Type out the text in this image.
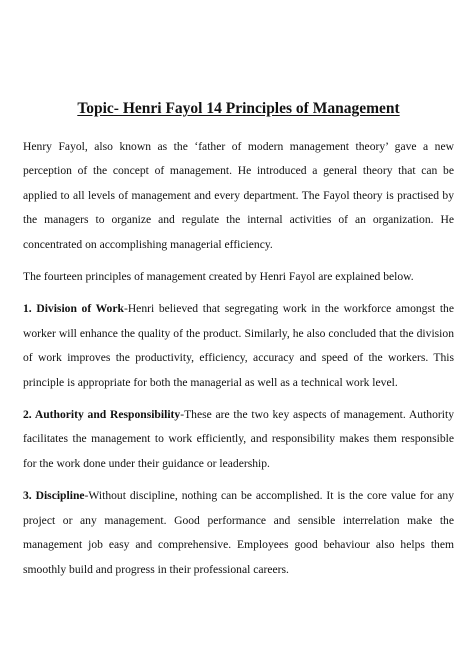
Topic- Henri Fayol 14 Principles of Management

Henry Fayol, also known as the ‘father of modern management theory’ gave a new perception of the concept of management. He introduced a general theory that can be applied to all levels of management and every department. The Fayol theory is practised by the managers to organize and regulate the internal activities of an organization. He concentrated on accomplishing managerial efficiency.

The fourteen principles of management created by Henri Fayol are explained below.

1. Division of Work-Henri believed that segregating work in the workforce amongst the worker will enhance the quality of the product. Similarly, he also concluded that the division of work improves the productivity, efficiency, accuracy and speed of the workers. This principle is appropriate for both the managerial as well as a technical work level.

2. Authority and Responsibility-These are the two key aspects of management. Authority facilitates the management to work efficiently, and responsibility makes them responsible for the work done under their guidance or leadership.

3. Discipline-Without discipline, nothing can be accomplished. It is the core value for any project or any management. Good performance and sensible interrelation make the management job easy and comprehensive. Employees good behaviour also helps them smoothly build and progress in their professional careers.
